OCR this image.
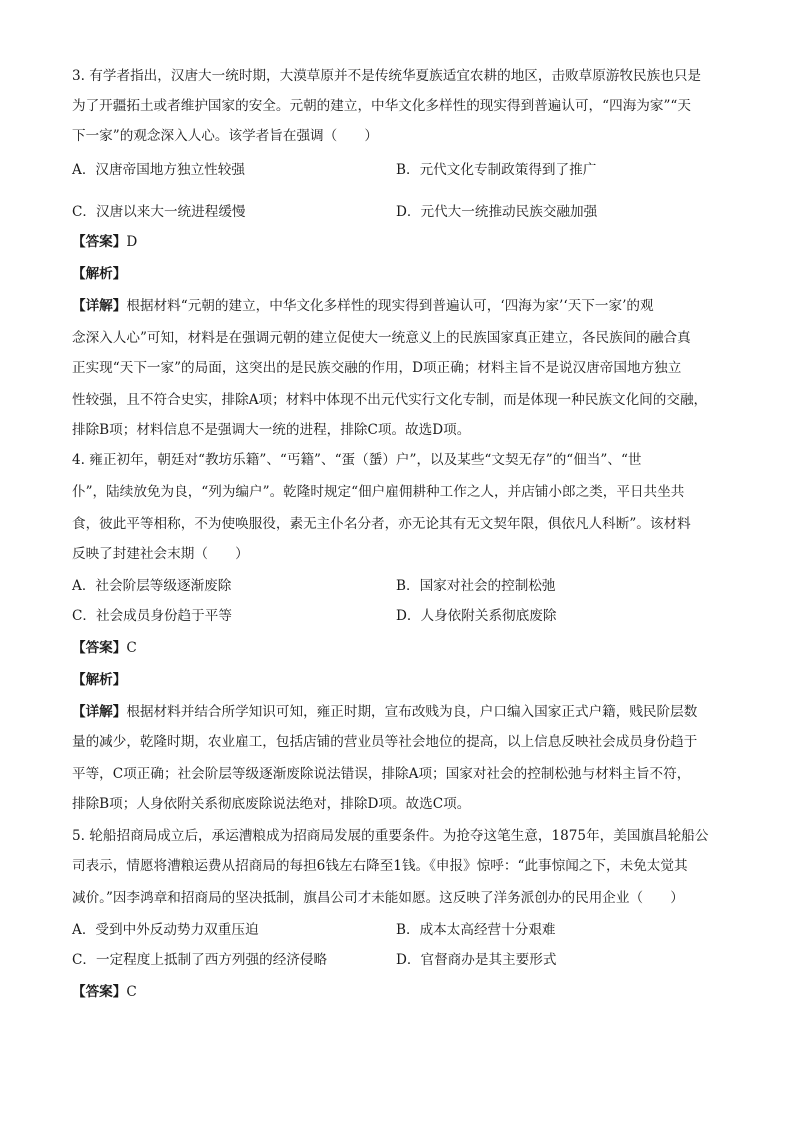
3. 有学者指出，汉唐大一统时期，大漠草原并不是传统华夏族适宜农耕的地区，击败草原游牧民族也只是
为了开疆拓土或者维护国家的安全。元朝的建立，中华文化多样性的现实得到普遍认可，“四海为家”“天
下一家”的观念深入人心。该学者旨在强调（　　）
A．汉唐帝国地方独立性较强	B．元代文化专制政策得到了推广
C．汉唐以来大一统进程缓慢	D．元代大一统推动民族交融加强
【答案】D
【解析】
【详解】根据材料“元朝的建立，中华文化多样性的现实得到普遍认可，‘四海为家’‘天下一家’的观
念深入人心”可知，材料是在强调元朝的建立促使大一统意义上的民族国家真正建立，各民族间的融合真
正实现“天下一家”的局面，这突出的是民族交融的作用，D项正确；材料主旨不是说汉唐帝国地方独立
性较强，且不符合史实，排除A项；材料中体现不出元代实行文化专制，而是体现一种民族文化间的交融，
排除B项；材料信息不是强调大一统的进程，排除C项。故选D项。
4. 雍正初年，朝廷对“教坊乐籍”、“丐籍”、“蛋（蜑）户”，以及某些“文契无存”的“佃当”、“世
仆”，陆续放免为良，“列为编户”。乾隆时规定“佃户雇佣耕种工作之人，并店铺小郎之类，平日共坐共
食，彼此平等相称，不为使唤服役，素无主仆名分者，亦无论其有无文契年限，俱依凡人科断”。该材料
反映了封建社会末期（　　）
A．社会阶层等级逐渐废除	B．国家对社会的控制松弛
C．社会成员身份趋于平等	D．人身依附关系彻底废除
【答案】C
【解析】
【详解】根据材料并结合所学知识可知，雍正时期，宣布改贱为良，户口编入国家正式户籍，贱民阶层数
量的减少，乾隆时期，农业雇工，包括店铺的营业员等社会地位的提高，以上信息反映社会成员身份趋于
平等，C项正确；社会阶层等级逐渐废除说法错误，排除A项；国家对社会的控制松弛与材料主旨不符，
排除B项；人身依附关系彻底废除说法绝对，排除D项。故选C项。
5. 轮船招商局成立后，承运漕粮成为招商局发展的重要条件。为抢夺这笔生意，1875年，美国旗昌轮船公
司表示，情愿将漕粮运费从招商局的每担6钱左右降至1钱。《申报》惊呼：“此事惊闻之下，未免太觉其
减价。”因李鸿章和招商局的坚决抵制，旗昌公司才未能如愿。这反映了洋务派创办的民用企业（　　）
A．受到中外反动势力双重压迫	B．成本太高经营十分艰难
C．一定程度上抵制了西方列强的经济侵略	D．官督商办是其主要形式
【答案】C
